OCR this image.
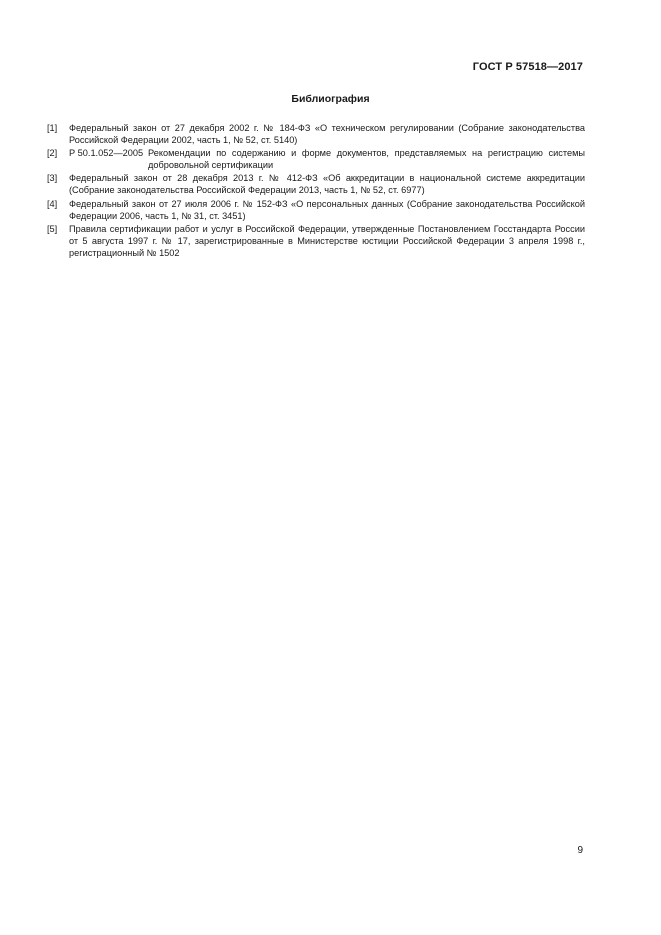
ГОСТ Р 57518—2017
Библиография
[1]	Федеральный закон от 27 декабря 2002 г. № 184-ФЗ «О техническом регулировании (Собрание законодательства Российской Федерации 2002, часть 1, № 52, ст. 5140)
[2]	Р 50.1.052—2005 Рекомендации по содержанию и форме документов, представляемых на регистрацию системы добровольной сертификации
[3]	Федеральный закон от 28 декабря 2013 г. № 412-ФЗ «Об аккредитации в национальной системе аккредитации (Собрание законодательства Российской Федерации 2013, часть 1, № 52, ст. 6977)
[4]	Федеральный закон от 27 июля 2006 г. № 152-ФЗ «О персональных данных (Собрание законодательства Российской Федерации 2006, часть 1, № 31, ст. 3451)
[5]	Правила сертификации работ и услуг в Российской Федерации, утвержденные Постановлением Госстандарта России от 5 августа 1997 г. № 17, зарегистрированные в Министерстве юстиции Российской Федерации 3 апреля 1998 г., регистрационный № 1502
9
